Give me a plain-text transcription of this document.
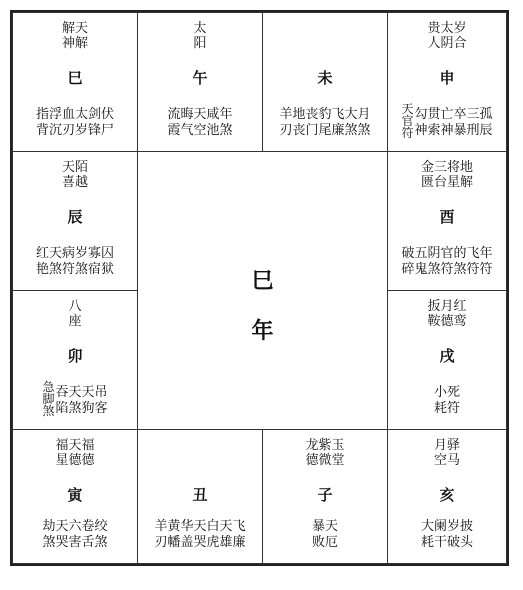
解天
神解
巳
指浮血太剑伏
背沉刃岁锋尸
太
阳
午
流晦天咸年
霞气空池煞
未
羊地丧豹飞大月
刃丧门尾廉煞煞
贵太岁
人阴合
申
天
官
符
勾贯亡卒三孤
神索神暴刑辰
天陌
喜越
辰
红天病岁寡囚
艳煞符煞宿狱
金三将地
匮台星解
酉
破五阴官的飞年
碎鬼煞符煞符符
巳
年
八
座
卯
急
脚
煞
吞天天吊
陷煞狗客
扳月红
鞍德鸾
戌
小死
耗符
福天福
星德德
寅
劫天六卷绞
煞哭害舌煞
丑
羊黄华天白天飞
刃幡盖哭虎雄廉
龙紫玉
德微堂
子
暴天
败厄
月驿
空马
亥
大阑岁披
耗干破头
